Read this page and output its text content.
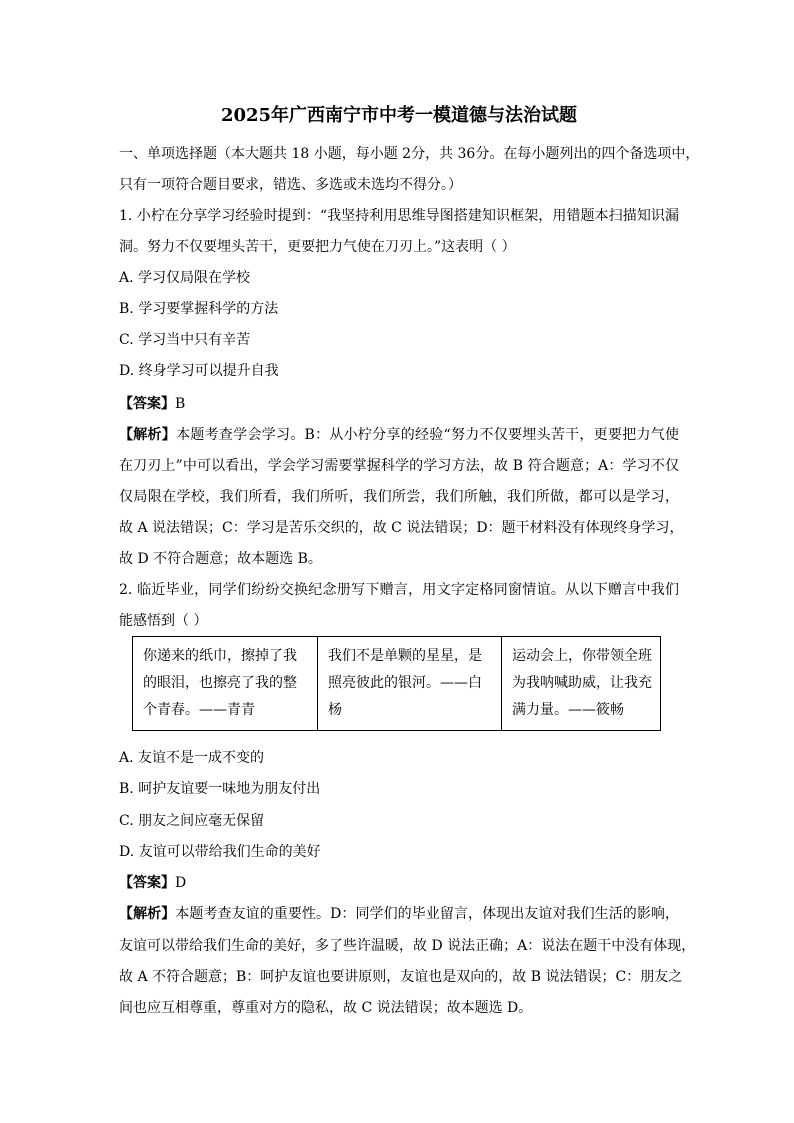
2025年广西南宁市中考一模道德与法治试题
一、单项选择题（本大题共 18 小题，每小题 2分，共 36分。在每小题列出的四个备选项中，
只有一项符合题目要求，错选、多选或未选均不得分。）
1. 小柠在分享学习经验时提到：“我坚持利用思维导图搭建知识框架，用错题本扫描知识漏
洞。努力不仅要埋头苦干，更要把力气使在刀刃上。”这表明（ ）
A. 学习仅局限在学校
B. 学习要掌握科学的方法
C. 学习当中只有辛苦
D. 终身学习可以提升自我
【答案】B
【解析】本题考查学会学习。B：从小柠分享的经验“努力不仅要埋头苦干，更要把力气使
在刀刃上”中可以看出，学会学习需要掌握科学的学习方法，故 B 符合题意；A：学习不仅
仅局限在学校，我们所看，我们所听，我们所尝，我们所触，我们所做，都可以是学习，
故 A 说法错误；C：学习是苦乐交织的，故 C 说法错误；D：题干材料没有体现终身学习，
故 D 不符合题意；故本题选 B。
2. 临近毕业，同学们纷纷交换纪念册写下赠言，用文字定格同窗情谊。从以下赠言中我们
能感悟到（ ）
你递来的纸巾，擦掉了我的眼泪，也擦亮了我的整个青春。——青青	我们不是单颗的星星，是照亮彼此的银河。——白杨	运动会上，你带领全班为我呐喊助威，让我充满力量。——筱畅
A. 友谊不是一成不变的
B. 呵护友谊要一味地为朋友付出
C. 朋友之间应毫无保留
D. 友谊可以带给我们生命的美好
【答案】D
【解析】本题考查友谊的重要性。D：同学们的毕业留言，体现出友谊对我们生活的影响，
友谊可以带给我们生命的美好，多了些许温暖，故 D 说法正确；A：说法在题干中没有体现，
故 A 不符合题意；B：呵护友谊也要讲原则，友谊也是双向的，故 B 说法错误；C：朋友之
间也应互相尊重，尊重对方的隐私，故 C 说法错误；故本题选 D。
